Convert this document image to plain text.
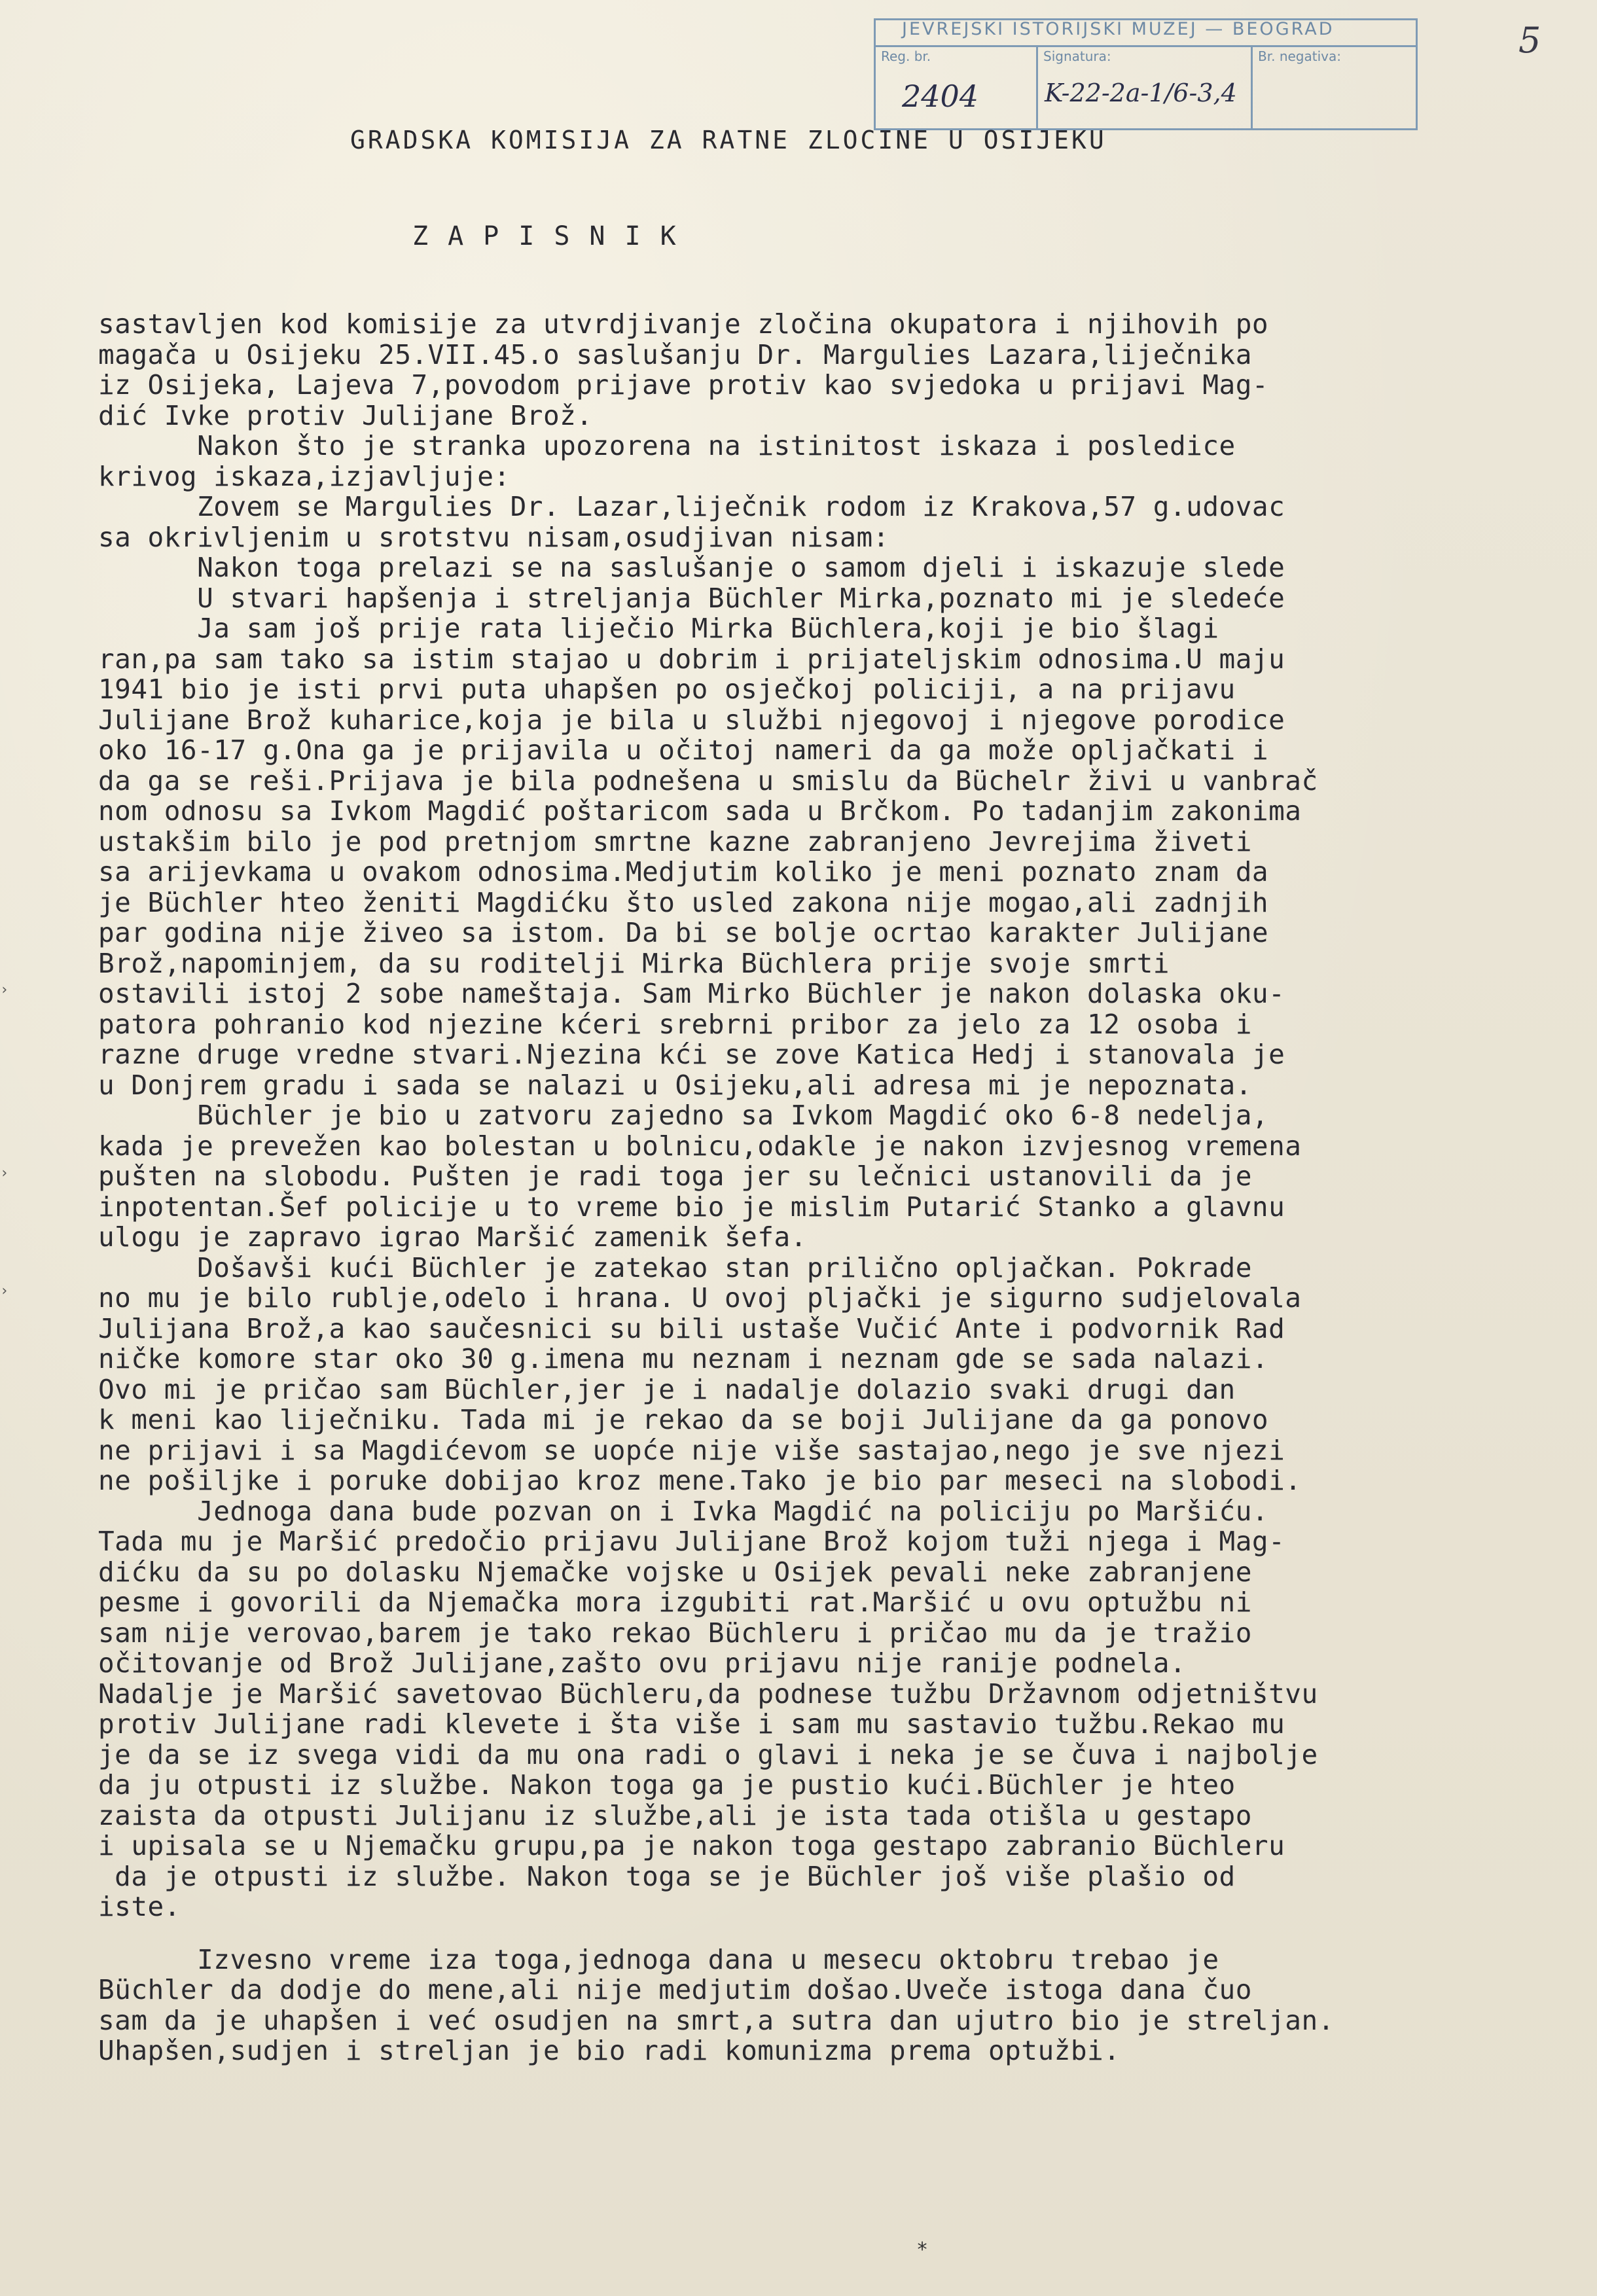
JEVREJSKI ISTORIJSKI MUZEJ — BEOGRAD
Reg. br.
2404
Signatura:
K-22-2a-1/6-3,4
Br. negativa:	5
GRADSKA KOMISIJA ZA RATNE ZLOCINE U OSIJEKU
ZAPISNIK
sastavljen kod komisije za utvrdjivanje zločina okupatora i njihovih po
magača u Osijeku 25.VII.45.o saslušanju Dr. Margulies Lazara,liječnika
iz Osijeka, Lajeva 7,povodom prijave protiv kao svjedoka u prijavi Mag-
dić Ivke protiv Julijane Brož.
Nakon što je stranka upozorena na istinitost iskaza i posledice
krivog iskaza,izjavljuje:
Zovem se Margulies Dr. Lazar,liječnik rodom iz Krakova,57 g.udovac
sa okrivljenim u srotstvu nisam,osudjivan nisam:
Nakon toga prelazi se na saslušanje o samom djeli i iskazuje slede
U stvari hapšenja i streljanja Büchler Mirka,poznato mi je sledeće
Ja sam još prije rata liječio Mirka Büchlera,koji je bio šlagi
ran,pa sam tako sa istim stajao u dobrim i prijateljskim odnosima.U maju
1941 bio je isti prvi puta uhapšen po osječkoj policiji, a na prijavu
Julijane Brož kuharice,koja je bila u službi njegovoj i njegove porodice
oko 16-17 g.Ona ga je prijavila u očitoj nameri da ga može opljačkati i
da ga se reši.Prijava je bila podnešena u smislu da Büchelr živi u vanbrač
nom odnosu sa Ivkom Magdić poštaricom sada u Brčkom. Po tadanjim zakonima
ustakšim bilo je pod pretnjom smrtne kazne zabranjeno Jevrejima živeti
sa arijevkama u ovakom odnosima.Medjutim koliko je meni poznato znam da
je Büchler hteo ženiti Magdićku što usled zakona nije mogao,ali zadnjih
par godina nije živeo sa istom. Da bi se bolje ocrtao karakter Julijane
Brož,napominjem, da su roditelji Mirka Büchlera prije svoje smrti
ostavili istoj 2 sobe nameštaja. Sam Mirko Büchler je nakon dolaska oku-
patora pohranio kod njezine kćeri srebrni pribor za jelo za 12 osoba i
razne druge vredne stvari.Njezina kći se zove Katica Hedj i stanovala je
u Donjrem gradu i sada se nalazi u Osijeku,ali adresa mi je nepoznata.
Büchler je bio u zatvoru zajedno sa Ivkom Magdić oko 6-8 nedelja,
kada je prevežen kao bolestan u bolnicu,odakle je nakon izvjesnog vremena
pušten na slobodu. Pušten je radi toga jer su lečnici ustanovili da je
inpotentan.Šef policije u to vreme bio je mislim Putarić Stanko a glavnu
ulogu je zapravo igrao Maršić zamenik šefa.
Došavši kući Büchler je zatekao stan prilično opljačkan. Pokrade
no mu je bilo rublje,odelo i hrana. U ovoj pljački je sigurno sudjelovala
Julijana Brož,a kao saučesnici su bili ustaše Vučić Ante i podvornik Rad
ničke komore star oko 30 g.imena mu neznam i neznam gde se sada nalazi.
Ovo mi je pričao sam Büchler,jer je i nadalje dolazio svaki drugi dan
k meni kao liječniku. Tada mi je rekao da se boji Julijane da ga ponovo
ne prijavi i sa Magdićevom se uopće nije više sastajao,nego je sve njezi
ne pošiljke i poruke dobijao kroz mene.Tako je bio par meseci na slobodi.
Jednoga dana bude pozvan on i Ivka Magdić na policiju po Maršiću.
Tada mu je Maršić predočio prijavu Julijane Brož kojom tuži njega i Mag-
dićku da su po dolasku Njemačke vojske u Osijek pevali neke zabranjene
pesme i govorili da Njemačka mora izgubiti rat.Maršić u ovu optužbu ni
sam nije verovao,barem je tako rekao Büchleru i pričao mu da je tražio
očitovanje od Brož Julijane,zašto ovu prijavu nije ranije podnela.
Nadalje je Maršić savetovao Büchleru,da podnese tužbu Državnom odjetništvu
protiv Julijane radi klevete i šta više i sam mu sastavio tužbu.Rekao mu
je da se iz svega vidi da mu ona radi o glavi i neka je se čuva i najbolje
da ju otpusti iz službe. Nakon toga ga je pustio kući.Büchler je hteo
zaista da otpusti Julijanu iz službe,ali je ista tada otišla u gestapo
i upisala se u Njemačku grupu,pa je nakon toga gestapo zabranio Büchleru
da je otpusti iz službe. Nakon toga se je Büchler još više plašio od
iste.
Izvesno vreme iza toga,jednoga dana u mesecu oktobru trebao je
Büchler da dodje do mene,ali nije medjutim došao.Uveče istoga dana čuo
sam da je uhapšen i već osudjen na smrt,a sutra dan ujutro bio je streljan.
Uhapšen,sudjen i streljan je bio radi komunizma prema optužbi.
*
›
›
›
